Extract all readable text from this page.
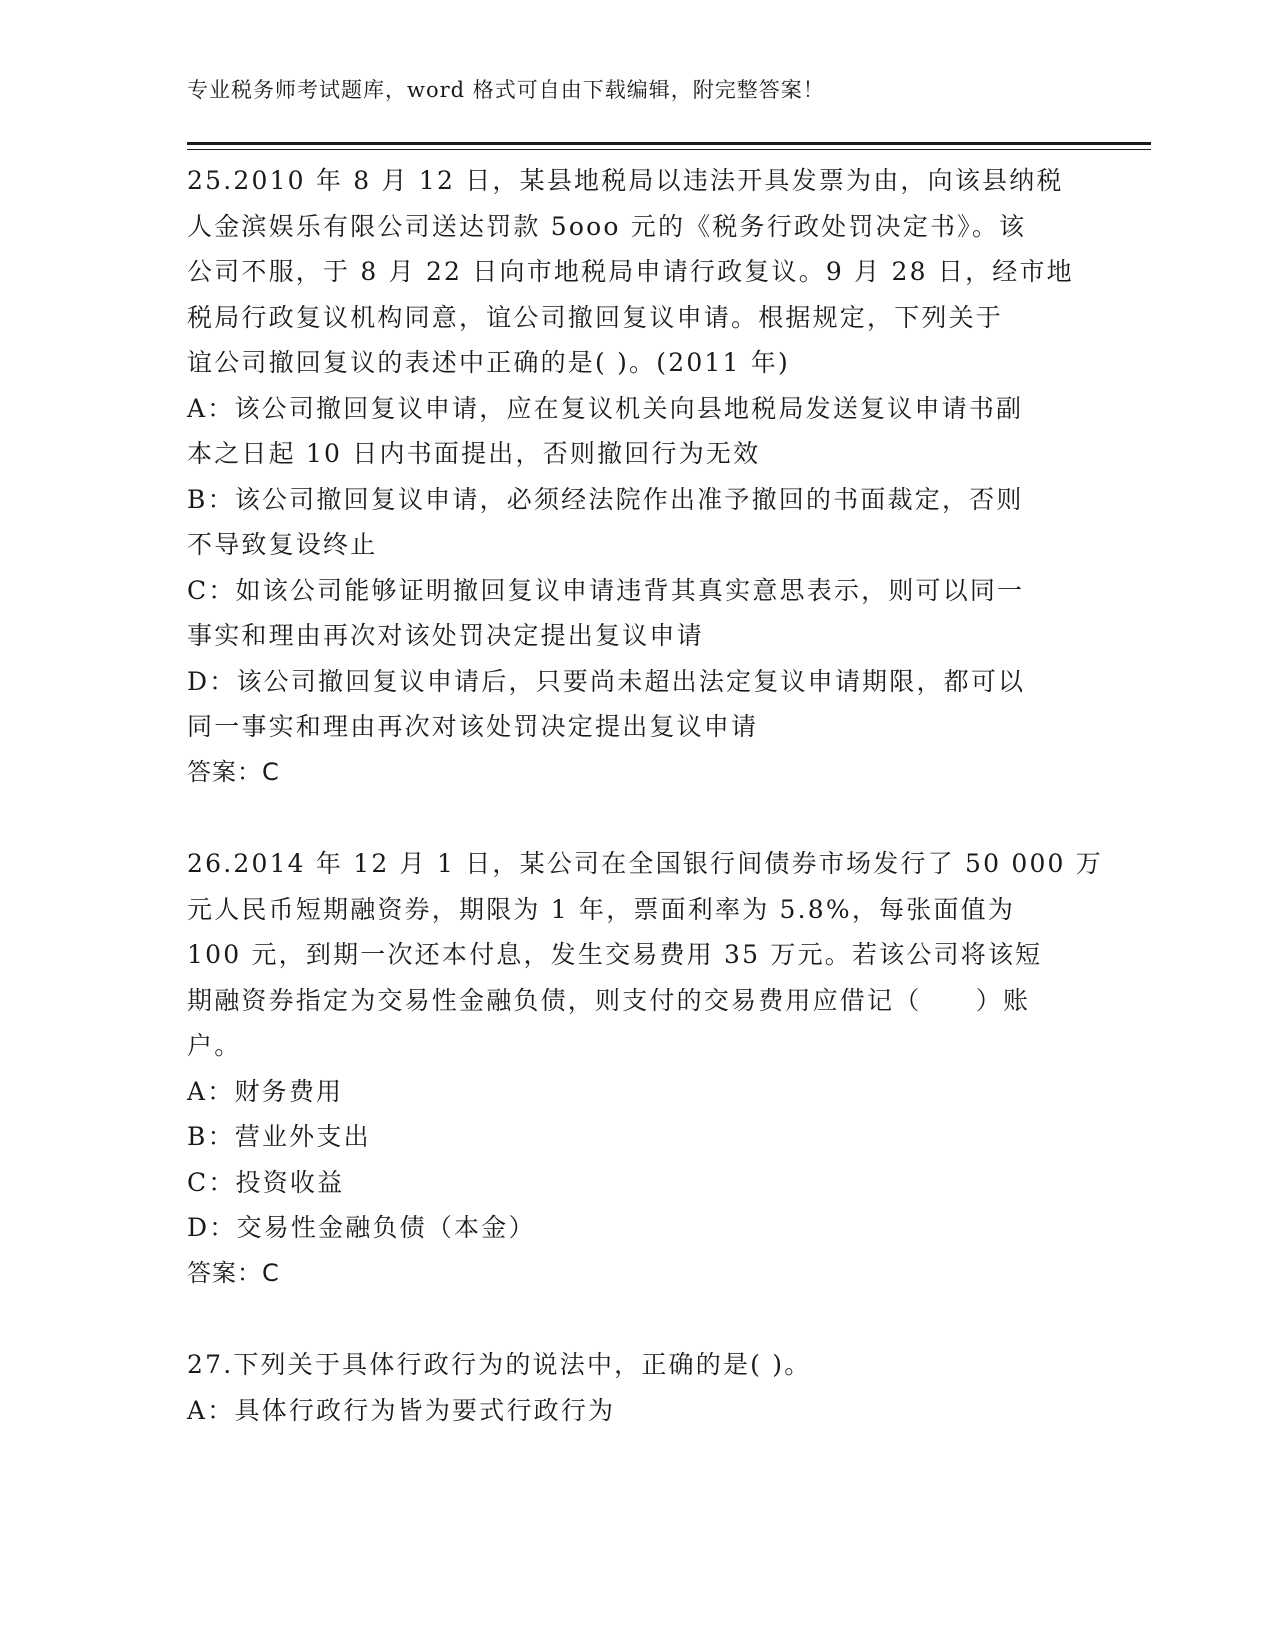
专业税务师考试题库，word 格式可自由下载编辑，附完整答案！
25.2010 年 8 月 12 日，某县地税局以违法开具发票为由，向该县纳税
人金滨娱乐有限公司送达罚款 5ooo 元的《税务行政处罚决定书》。该
公司不服，于 8 月 22 日向市地税局申请行政复议。9 月 28 日，经市地
税局行政复议机构同意，谊公司撤回复议申请。根据规定，下列关于
谊公司撤回复议的表述中正确的是( )。(2011 年)
A：该公司撤回复议申请，应在复议机关向县地税局发送复议申请书副
本之日起 10 日内书面提出，否则撤回行为无效
B：该公司撤回复议申请，必须经法院作出准予撤回的书面裁定，否则
不导致复设终止
C：如该公司能够证明撤回复议申请违背其真实意思表示，则可以同一
事实和理由再次对该处罚决定提出复议申请
D：该公司撤回复议申请后，只要尚未超出法定复议申请期限，都可以
同一事实和理由再次对该处罚决定提出复议申请
答案：C
26.2014 年 12 月 1 日，某公司在全国银行间债券市场发行了 50 000 万
元人民币短期融资券，期限为 1 年，票面利率为 5.8%，每张面值为
100 元，到期一次还本付息，发生交易费用 35 万元。若该公司将该短
期融资券指定为交易性金融负债，则支付的交易费用应借记（　　）账
户。
A：财务费用
B：营业外支出
C：投资收益
D：交易性金融负债（本金）
答案：C
27.下列关于具体行政行为的说法中，正确的是( )。
A：具体行政行为皆为要式行政行为
